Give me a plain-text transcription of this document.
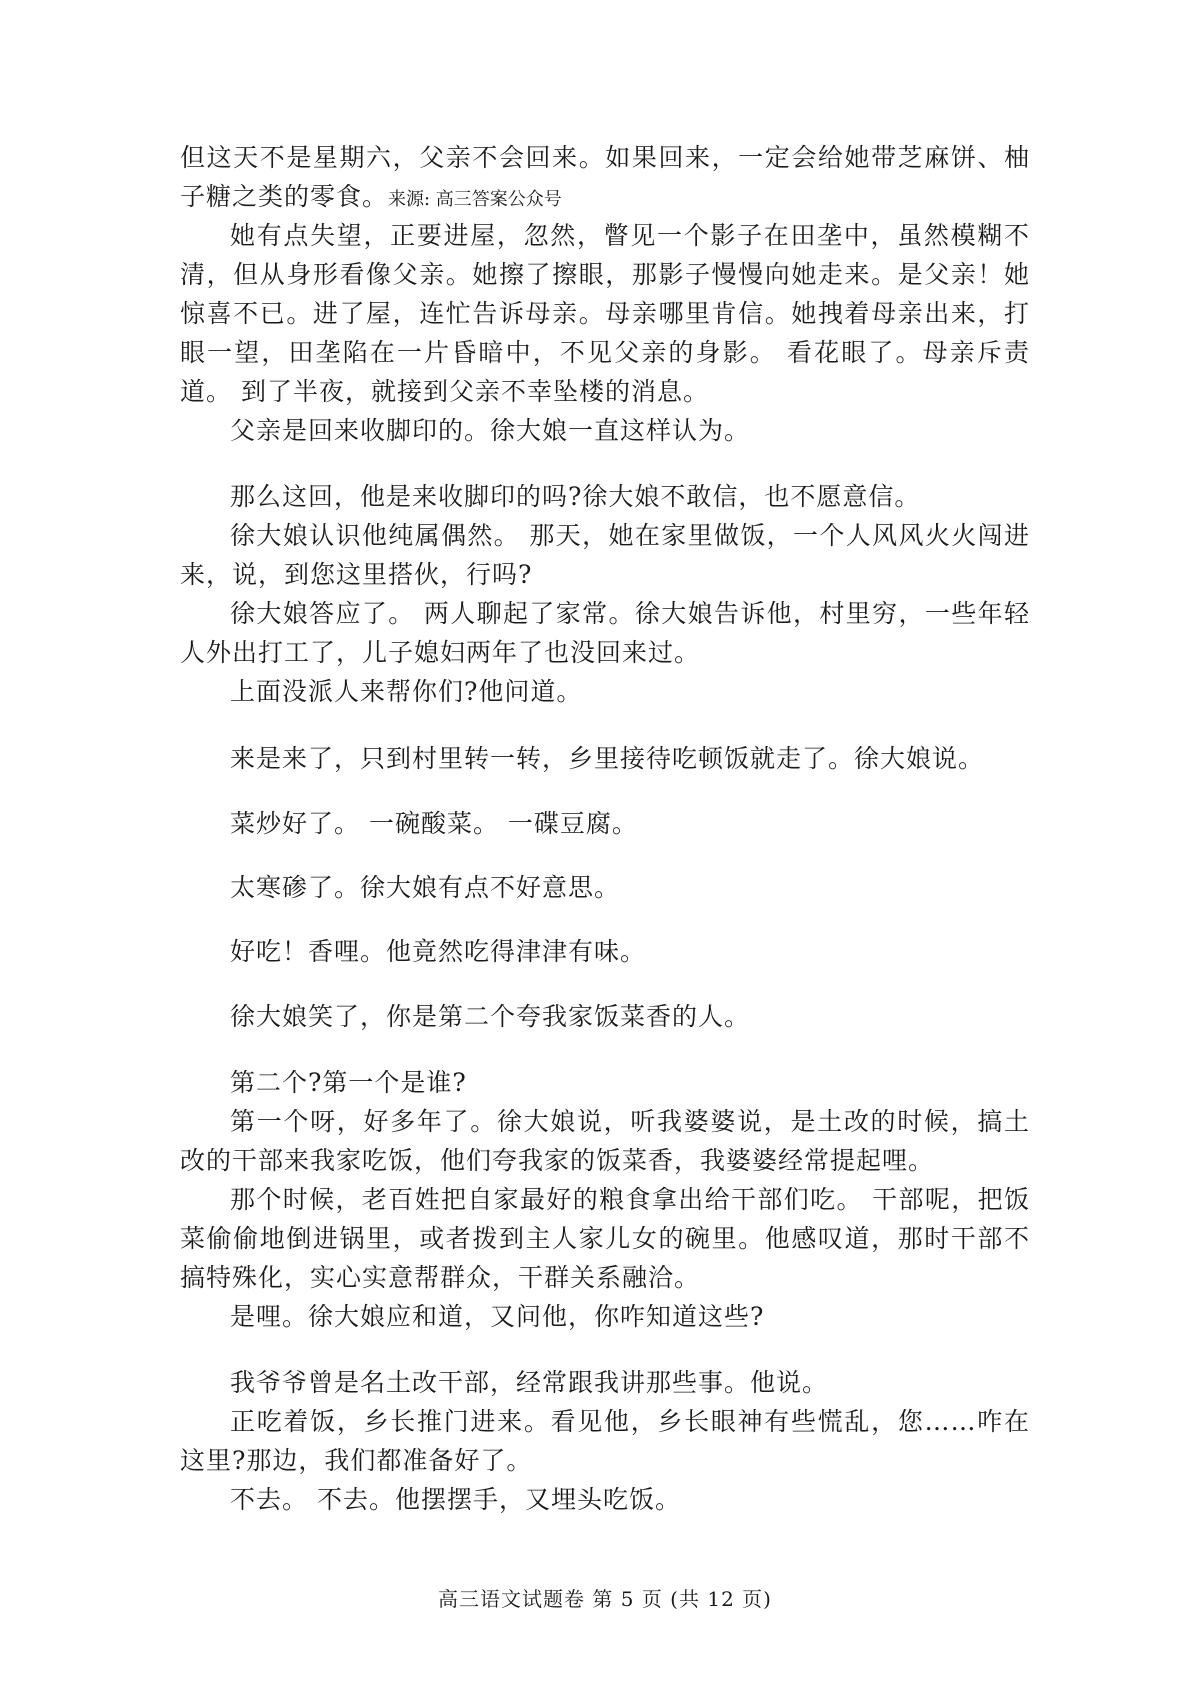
但这天不是星期六，父亲不会回来。如果回来，一定会给她带芝麻饼、柚子糖之类的零食。来源: 高三答案公众号

她有点失望，正要进屋，忽然，瞥见一个影子在田垄中，虽然模糊不清，但从身形看像父亲。她擦了擦眼，那影子慢慢向她走来。是父亲！她惊喜不已。进了屋，连忙告诉母亲。母亲哪里肯信。她拽着母亲出来，打眼一望，田垄陷在一片昏暗中，不见父亲的身影。 看花眼了。母亲斥责道。 到了半夜，就接到父亲不幸坠楼的消息。

父亲是回来收脚印的。徐大娘一直这样认为。

那么这回，他是来收脚印的吗?徐大娘不敢信，也不愿意信。

徐大娘认识他纯属偶然。 那天，她在家里做饭，一个人风风火火闯进来，说，到您这里搭伙，行吗?

徐大娘答应了。 两人聊起了家常。徐大娘告诉他，村里穷，一些年轻人外出打工了，儿子媳妇两年了也没回来过。

上面没派人来帮你们?他问道。

来是来了，只到村里转一转，乡里接待吃顿饭就走了。徐大娘说。

菜炒好了。 一碗酸菜。 一碟豆腐。

太寒碜了。徐大娘有点不好意思。

好吃！香哩。他竟然吃得津津有味。

徐大娘笑了，你是第二个夸我家饭菜香的人。

第二个?第一个是谁?

第一个呀，好多年了。徐大娘说，听我婆婆说，是土改的时候，搞土改的干部来我家吃饭，他们夸我家的饭菜香，我婆婆经常提起哩。

那个时候，老百姓把自家最好的粮食拿出给干部们吃。 干部呢，把饭菜偷偷地倒进锅里，或者拨到主人家儿女的碗里。他感叹道，那时干部不搞特殊化，实心实意帮群众，干群关系融洽。

是哩。徐大娘应和道，又问他，你咋知道这些?

我爷爷曾是名土改干部，经常跟我讲那些事。他说。

正吃着饭，乡长推门进来。看见他，乡长眼神有些慌乱，您……咋在这里?那边，我们都准备好了。

不去。 不去。他摆摆手，又埋头吃饭。

高三语文试题卷 第 5 页 (共 12 页)
